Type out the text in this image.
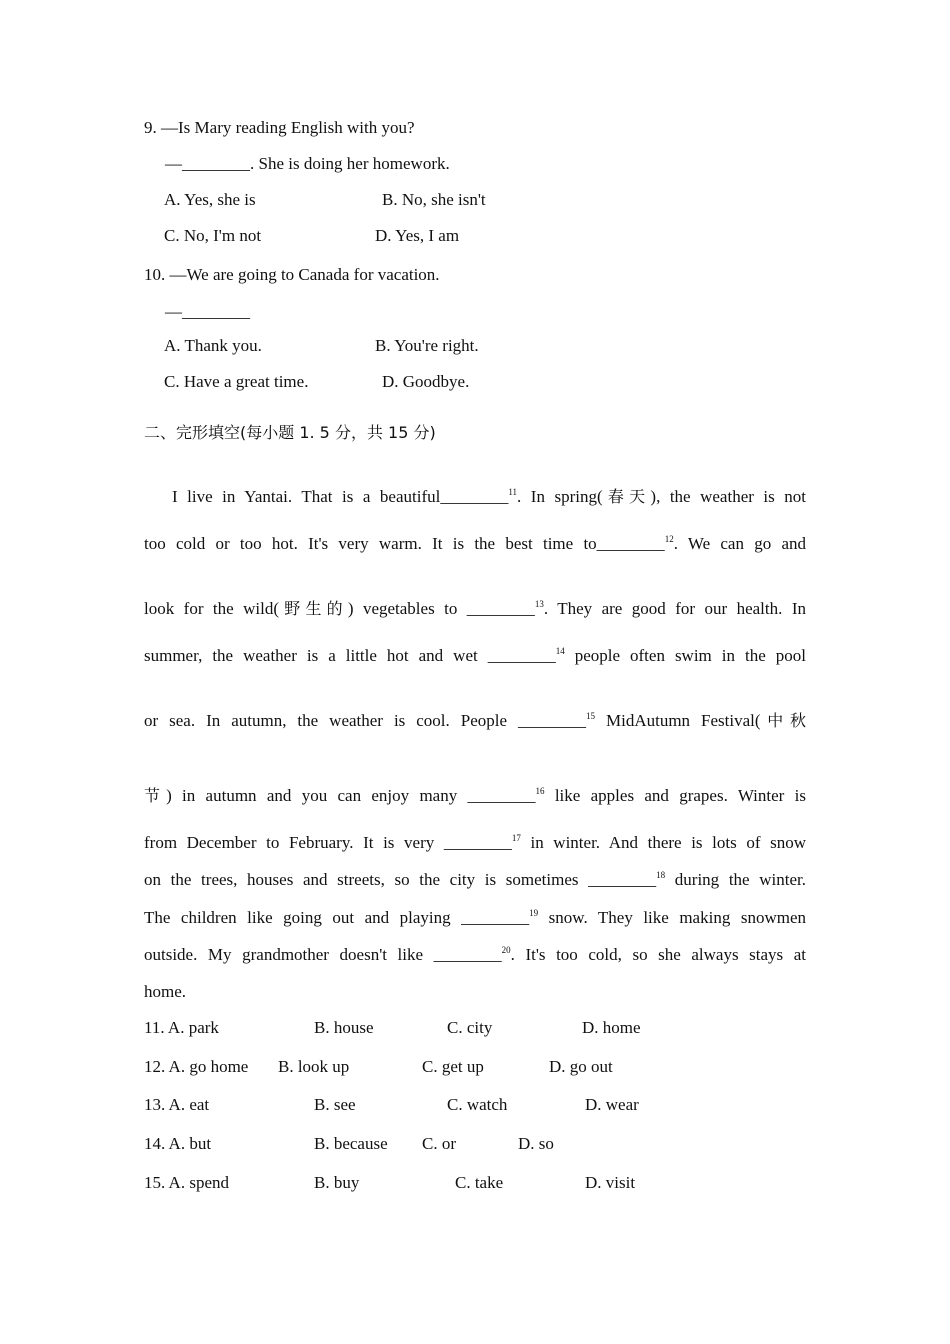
9. —Is Mary reading English with you?
—________. She is doing her homework.
A. Yes, she is	B. No, she isn't
C. No, I'm not	D. Yes, I am
10. —We are going to Canada for vacation.
—________
A. Thank you.	B. You're right.
C. Have a great time.	D. Goodbye.
二、完形填空(每小题 1. 5 分，共 15 分)
I live in Yantai. That is a beautiful________$^{11}$. In spring(春天), the weather is not
too cold or too hot. It's very warm. It is the best time to________$^{12}$. We can go and
look for the wild(野生的) vegetables to ________$^{13}$. They are good for our health. In
summer, the weather is a little hot and wet ________$^{14}$ people often swim in the pool
or sea. In autumn, the weather is cool. People ________$^{15}$ MidAutumn Festival(中秋
节) in autumn and you can enjoy many ________$^{16}$ like apples and grapes. Winter is
from December to February. It is very ________$^{17}$ in winter. And there is lots of snow
on the trees, houses and streets, so the city is sometimes ________$^{18}$ during the winter.
The children like going out and playing ________$^{19}$ snow. They like making snowmen
outside. My grandmother doesn't like ________$^{20}$. It's too cold, so she always stays at
home.
11. A. park	B. house	C. city	D. home
12. A. go home B. look up	C. get up	D. go out
13. A. eat	B. see	C. watch	D. wear
14. A. but	B. because C. or	D. so
15. A. spend	B. buy	C. take	D. visit
